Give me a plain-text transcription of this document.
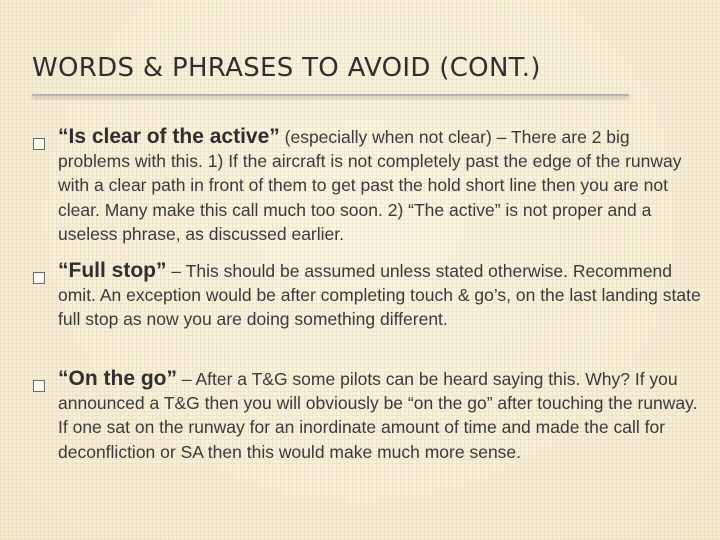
WORDS & PHRASES TO AVOID (CONT.)

“Is clear of the active” (especially when not clear) – There are 2 big problems with this. 1) If the aircraft is not completely past the edge of the runway with a clear path in front of them to get past the hold short line then you are not clear. Many make this call much too soon. 2) “The active” is not proper and a useless phrase, as discussed earlier.

“Full stop” – This should be assumed unless stated otherwise. Recommend omit. An exception would be after completing touch & go’s, on the last landing state full stop as now you are doing something different.

“On the go” – After a T&G some pilots can be heard saying this. Why? If you announced a T&G then you will obviously be “on the go” after touching the runway. If one sat on the runway for an inordinate amount of time and made the call for deconfliction or SA then this would make much more sense.
